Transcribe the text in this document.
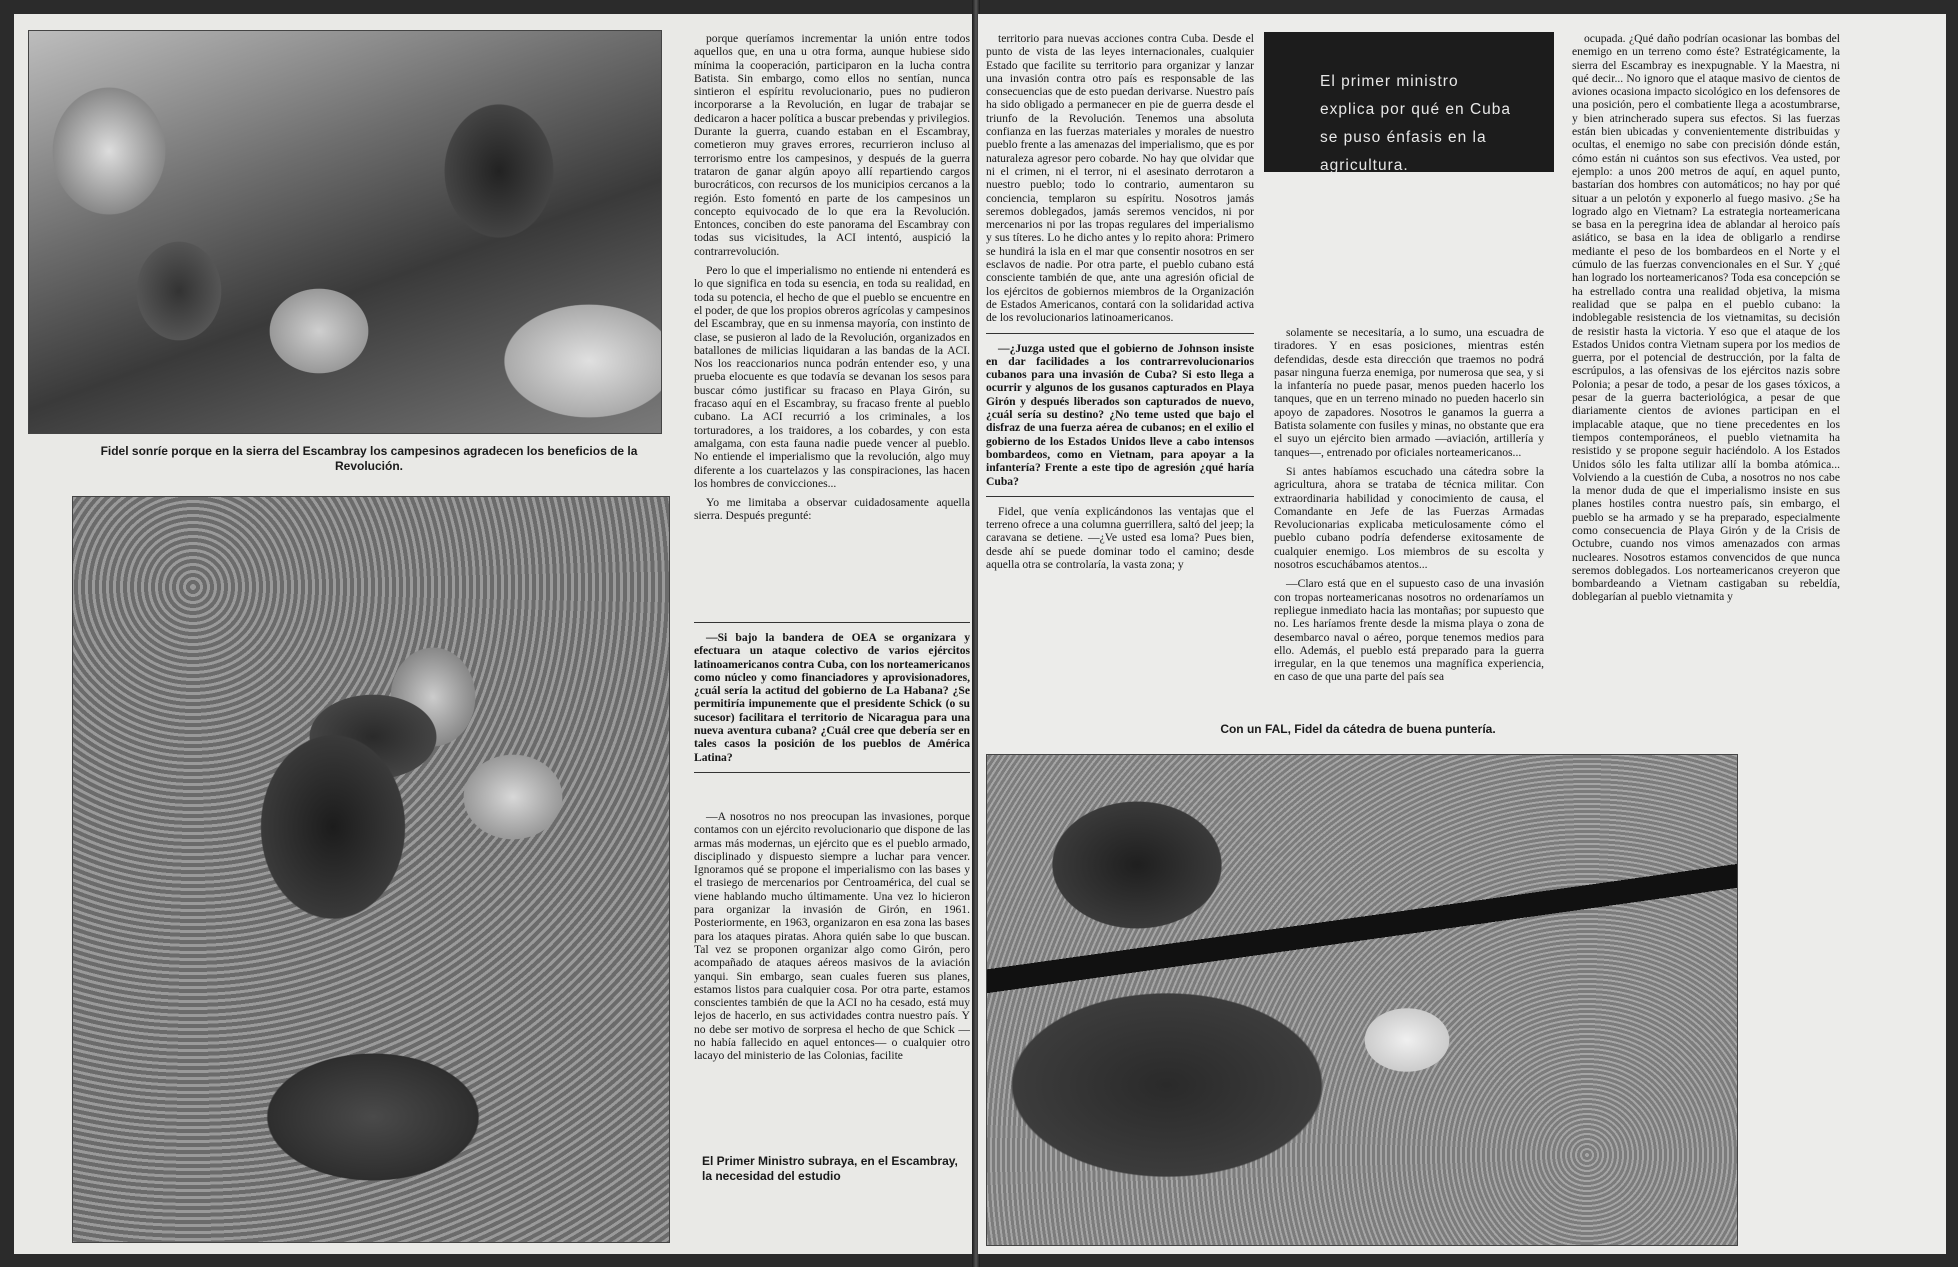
Fidel sonríe porque en la sierra del Escambray los campesinos agradecen los beneficios de la Revolución.

porque queríamos incrementar la unión entre todos aquellos que, en una u otra forma, aunque hubiese sido mínima la cooperación, participaron en la lucha contra Batista. Sin embargo, como ellos no sentían, nunca sintieron el espíritu revolucionario, pues no pudieron incorporarse a la Revolución, en lugar de trabajar se dedicaron a hacer política a buscar prebendas y privilegios. Durante la guerra, cuando estaban en el Escambray, cometieron muy graves errores, recurrieron incluso al terrorismo entre los campesinos, y después de la guerra trataron de ganar algún apoyo allí repartiendo cargos burocráticos, con recursos de los municipios cercanos a la región. Esto fomentó en parte de los campesinos un concepto equivocado de lo que era la Revolución. Entonces, conciben do este panorama del Escambray con todas sus vicisitudes, la ACI intentó, auspició la contrarrevolución.

Pero lo que el imperialismo no entiende ni entenderá es lo que significa en toda su esencia, en toda su realidad, en toda su potencia, el hecho de que el pueblo se encuentre en el poder, de que los propios obreros agrícolas y campesinos del Escambray, que en su inmensa mayoría, con instinto de clase, se pusieron al lado de la Revolución, organizados en batallones de milicias liquidaran a las bandas de la ACI. Nos los reaccionarios nunca podrán entender eso, y una prueba elocuente es que todavía se devanan los sesos para buscar cómo justificar su fracaso en Playa Girón, su fracaso aquí en el Escambray, su fracaso frente al pueblo cubano. La ACI recurrió a los criminales, a los torturadores, a los traidores, a los cobardes, y con esta amalgama, con esta fauna nadie puede vencer al pueblo. No entiende el imperialismo que la revolución, algo muy diferente a los cuartelazos y las conspiraciones, las hacen los hombres de convicciones...

Yo me limitaba a observar cuidadosamente aquella sierra. Después pregunté:

—Si bajo la bandera de OEA se organizara y efectuara un ataque colectivo de varios ejércitos latinoamericanos contra Cuba, con los norteamericanos como núcleo y como financiadores y aprovisionadores, ¿cuál sería la actitud del gobierno de La Habana? ¿Se permitiría impunemente que el presidente Schick (o su sucesor) facilitara el territorio de Nicaragua para una nueva aventura cubana? ¿Cuál cree que debería ser en tales casos la posición de los pueblos de América Latina?

—A nosotros no nos preocupan las invasiones, porque contamos con un ejército revolucionario que dispone de las armas más modernas, un ejército que es el pueblo armado, disciplinado y dispuesto siempre a luchar para vencer. Ignoramos qué se propone el imperialismo con las bases y el trasiego de mercenarios por Centroamérica, del cual se viene hablando mucho últimamente. Una vez lo hicieron para organizar la invasión de Girón, en 1961. Posteriormente, en 1963, organizaron en esa zona las bases para los ataques piratas. Ahora quién sabe lo que buscan. Tal vez se proponen organizar algo como Girón, pero acompañado de ataques aéreos masivos de la aviación yanqui. Sin embargo, sean cuales fueren sus planes, estamos listos para cualquier cosa. Por otra parte, estamos conscientes también de que la ACI no ha cesado, está muy lejos de hacerlo, en sus actividades contra nuestro país. Y no debe ser motivo de sorpresa el hecho de que Schick —no había fallecido en aquel entonces— o cualquier otro lacayo del ministerio de las Colonias, facilite

El Primer Ministro subraya, en el Escambray, la necesidad del estudio

territorio para nuevas acciones contra Cuba. Desde el punto de vista de las leyes internacionales, cualquier Estado que facilite su territorio para organizar y lanzar una invasión contra otro país es responsable de las consecuencias que de esto puedan derivarse. Nuestro país ha sido obligado a permanecer en pie de guerra desde el triunfo de la Revolución. Tenemos una absoluta confianza en las fuerzas materiales y morales de nuestro pueblo frente a las amenazas del imperialismo, que es por naturaleza agresor pero cobarde. No hay que olvidar que ni el crimen, ni el terror, ni el asesinato derrotaron a nuestro pueblo; todo lo contrario, aumentaron su conciencia, templaron su espíritu. Nosotros jamás seremos doblegados, jamás seremos vencidos, ni por mercenarios ni por las tropas regulares del imperialismo y sus títeres. Lo he dicho antes y lo repito ahora: Primero se hundirá la isla en el mar que consentir nosotros en ser esclavos de nadie. Por otra parte, el pueblo cubano está consciente también de que, ante una agresión oficial de los ejércitos de gobiernos miembros de la Organización de Estados Americanos, contará con la solidaridad activa de los revolucionarios latinoamericanos.

—¿Juzga usted que el gobierno de Johnson insiste en dar facilidades a los contrarrevolucionarios cubanos para una invasión de Cuba? Si esto llega a ocurrir y algunos de los gusanos capturados en Playa Girón y después liberados son capturados de nuevo, ¿cuál sería su destino? ¿No teme usted que bajo el disfraz de una fuerza aérea de cubanos; en el exilio el gobierno de los Estados Unidos lleve a cabo intensos bombardeos, como en Vietnam, para apoyar a la infantería? Frente a este tipo de agresión ¿qué haría Cuba?

Fidel, que venía explicándonos las ventajas que el terreno ofrece a una columna guerrillera, saltó del jeep; la caravana se detiene. —¿Ve usted esa loma? Pues bien, desde ahí se puede dominar todo el camino; desde aquella otra se controlaría, la vasta zona; y

El primer ministro explica por qué en Cuba se puso énfasis en la agricultura.

solamente se necesitaría, a lo sumo, una escuadra de tiradores. Y en esas posiciones, mientras estén defendidas, desde esta dirección que traemos no podrá pasar ninguna fuerza enemiga, por numerosa que sea, y si la infantería no puede pasar, menos pueden hacerlo los tanques, que en un terreno minado no pueden hacerlo sin apoyo de zapadores. Nosotros le ganamos la guerra a Batista solamente con fusiles y minas, no obstante que era el suyo un ejército bien armado —aviación, artillería y tanques—, entrenado por oficiales norteamericanos...

Si antes habíamos escuchado una cátedra sobre la agricultura, ahora se trataba de técnica militar. Con extraordinaria habilidad y conocimiento de causa, el Comandante en Jefe de las Fuerzas Armadas Revolucionarias explicaba meticulosamente cómo el pueblo cubano podría defenderse exitosamente de cualquier enemigo. Los miembros de su escolta y nosotros escuchábamos atentos...

—Claro está que en el supuesto caso de una invasión con tropas norteamericanas nosotros no ordenaríamos un repliegue inmediato hacia las montañas; por supuesto que no. Les haríamos frente desde la misma playa o zona de desembarco naval o aéreo, porque tenemos medios para ello. Además, el pueblo está preparado para la guerra irregular, en la que tenemos una magnífica experiencia, en caso de que una parte del país sea

Con un FAL, Fidel da cátedra de buena puntería.

ocupada. ¿Qué daño podrían ocasionar las bombas del enemigo en un terreno como éste? Estratégicamente, la sierra del Escambray es inexpugnable. Y la Maestra, ni qué decir... No ignoro que el ataque masivo de cientos de aviones ocasiona impacto sicológico en los defensores de una posición, pero el combatiente llega a acostumbrarse, y bien atrincherado supera sus efectos. Si las fuerzas están bien ubicadas y convenientemente distribuidas y ocultas, el enemigo no sabe con precisión dónde están, cómo están ni cuántos son sus efectivos. Vea usted, por ejemplo: a unos 200 metros de aquí, en aquel punto, bastarían dos hombres con automáticos; no hay por qué situar a un pelotón y exponerlo al fuego masivo. ¿Se ha logrado algo en Vietnam? La estrategia norteamericana se basa en la peregrina idea de ablandar al heroico país asiático, se basa en la idea de obligarlo a rendirse mediante el peso de los bombardeos en el Norte y el cúmulo de las fuerzas convencionales en el Sur. Y ¿qué han logrado los norteamericanos? Toda esa concepción se ha estrellado contra una realidad objetiva, la misma realidad que se palpa en el pueblo cubano: la indoblegable resistencia de los vietnamitas, su decisión de resistir hasta la victoria. Y eso que el ataque de los Estados Unidos contra Vietnam supera por los medios de guerra, por el potencial de destrucción, por la falta de escrúpulos, a las ofensivas de los ejércitos nazis sobre Polonia; a pesar de todo, a pesar de los gases tóxicos, a pesar de la guerra bacteriológica, a pesar de que diariamente cientos de aviones participan en el implacable ataque, que no tiene precedentes en los tiempos contemporáneos, el pueblo vietnamita ha resistido y se propone seguir haciéndolo. A los Estados Unidos sólo les falta utilizar allí la bomba atómica... Volviendo a la cuestión de Cuba, a nosotros no nos cabe la menor duda de que el imperialismo insiste en sus planes hostiles contra nuestro país, sin embargo, el pueblo se ha armado y se ha preparado, especialmente como consecuencia de Playa Girón y de la Crisis de Octubre, cuando nos vimos amenazados con armas nucleares. Nosotros estamos convencidos de que nunca seremos doblegados. Los norteamericanos creyeron que bombardeando a Vietnam castigaban su rebeldía, doblegarían al pueblo vietnamita y
